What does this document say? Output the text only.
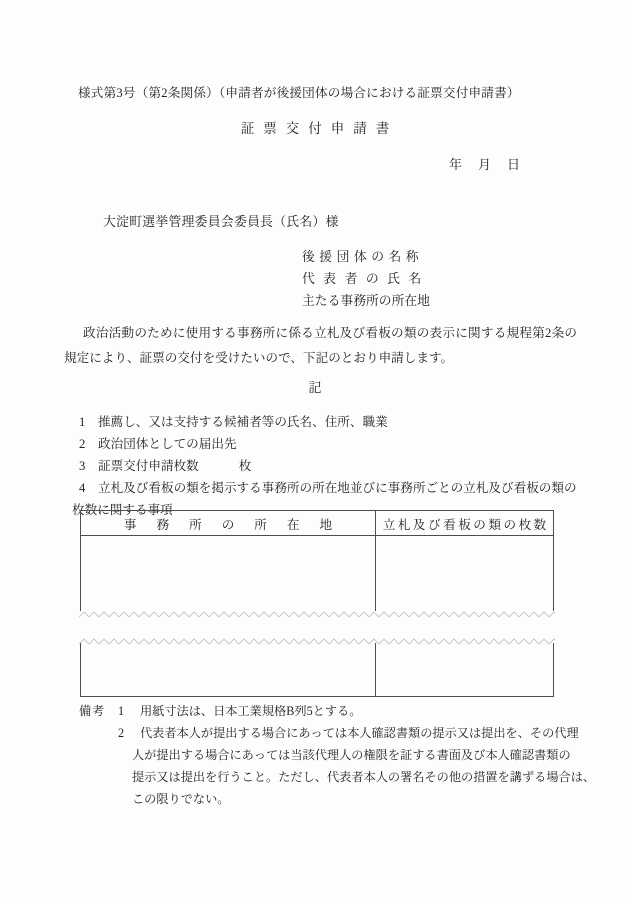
様式第3号（第2条関係）（申請者が後援団体の場合における証票交付申請書）
証票交付申請書
年　月　日
大淀町選挙管理委員会委員長（氏名）様
後援団体の名称
代表者の氏名
主たる事務所の所在地

政治活動のために使用する事務所に係る立札及び看板の類の表示に関する規程第2条の規定により、証票の交付を受けたいので、下記のとおり申請します。

記
1 推薦し、又は支持する候補者等の氏名、住所、職業
2 政治団体としての届出先
3 証票交付申請枚数	枚
4 立札及び看板の類を掲示する事務所の所在地並びに事務所ごとの立札及び看板の類の
枚数に関する事項
事務所の所在地	立札及び看板の類の枚数
備考	1	用紙寸法は、日本工業規格B列5とする。
2	代表者本人が提出する場合にあっては本人確認書類の提示又は提出を、その代理
人が提出する場合にあっては当該代理人の権限を証する書面及び本人確認書類の
提示又は提出を行うこと。ただし、代表者本人の署名その他の措置を講ずる場合は、
この限りでない。
